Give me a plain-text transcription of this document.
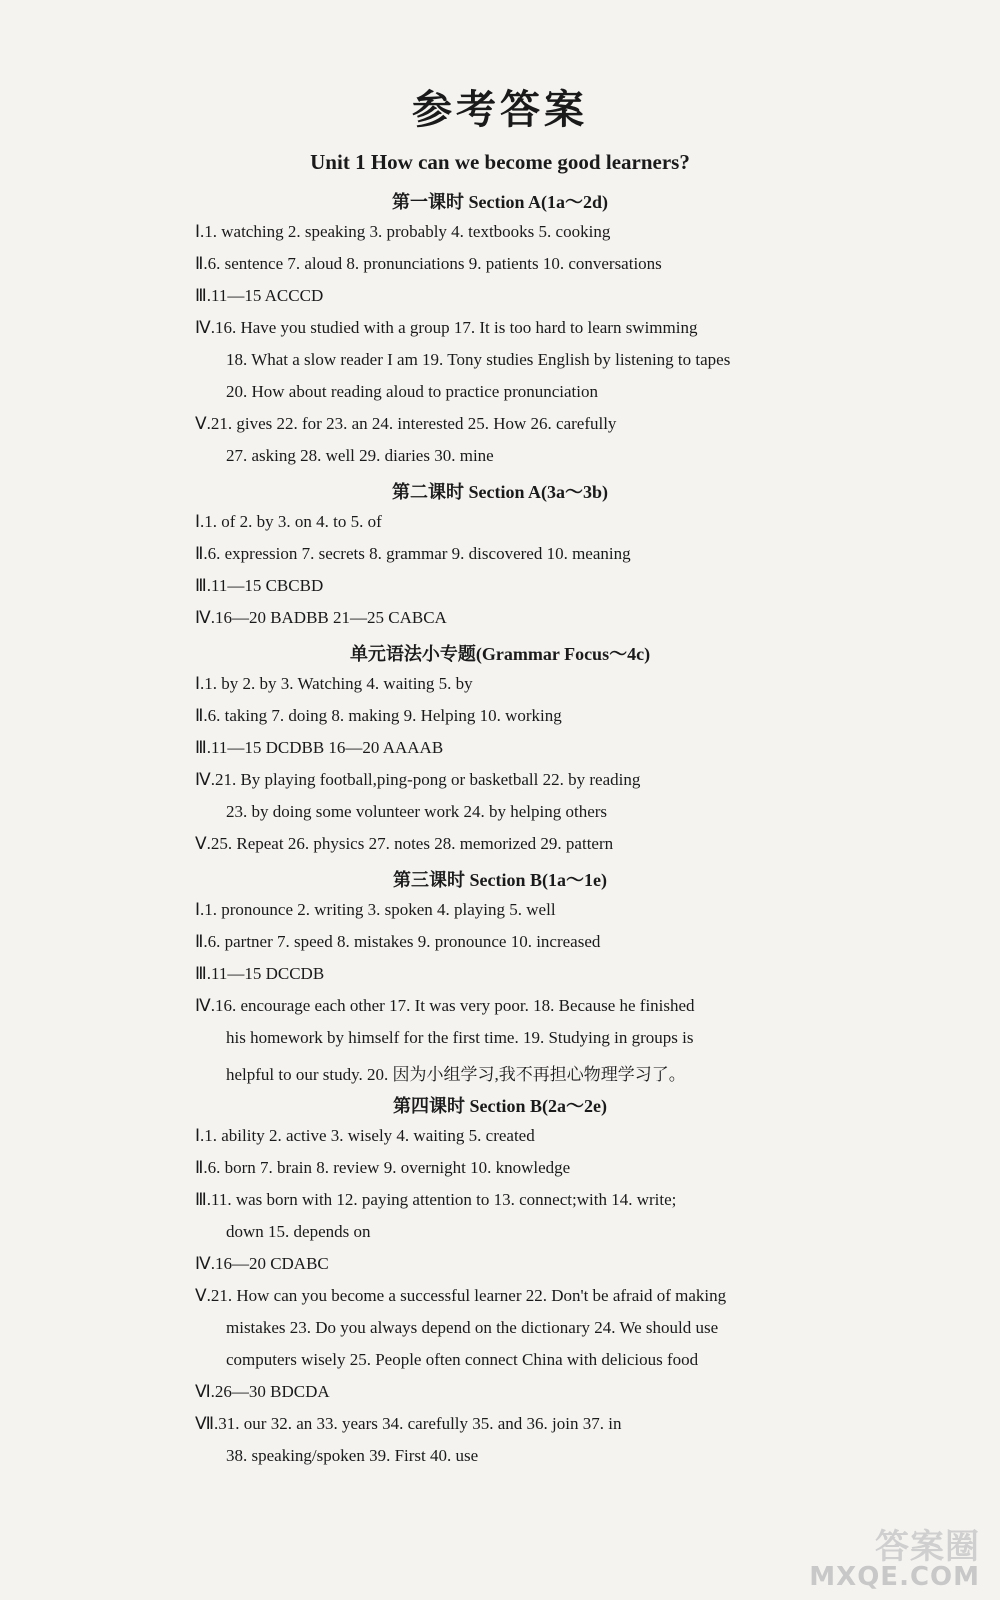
参考答案
Unit 1 How can we become good learners?
第一课时 Section A(1a～2d)
Ⅰ.1. watching 2. speaking 3. probably 4. textbooks 5. cooking
Ⅱ.6. sentence 7. aloud 8. pronunciations 9. patients 10. conversations
Ⅲ.11—15 ACCCD
Ⅳ.16. Have you studied with a group 17. It is too hard to learn swimming
18. What a slow reader I am 19. Tony studies English by listening to tapes
20. How about reading aloud to practice pronunciation
Ⅴ.21. gives 22. for 23. an 24. interested 25. How 26. carefully
27. asking 28. well 29. diaries 30. mine
第二课时 Section A(3a～3b)
Ⅰ.1. of 2. by 3. on 4. to 5. of
Ⅱ.6. expression 7. secrets 8. grammar 9. discovered 10. meaning
Ⅲ.11—15 CBCBD
Ⅳ.16—20 BADBB 21—25 CABCA
单元语法小专题(Grammar Focus～4c)
Ⅰ.1. by 2. by 3. Watching 4. waiting 5. by
Ⅱ.6. taking 7. doing 8. making 9. Helping 10. working
Ⅲ.11—15 DCDBB 16—20 AAAAB
Ⅳ.21. By playing football,ping-pong or basketball 22. by reading
23. by doing some volunteer work 24. by helping others
Ⅴ.25. Repeat 26. physics 27. notes 28. memorized 29. pattern
第三课时 Section B(1a～1e)
Ⅰ.1. pronounce 2. writing 3. spoken 4. playing 5. well
Ⅱ.6. partner 7. speed 8. mistakes 9. pronounce 10. increased
Ⅲ.11—15 DCCDB
Ⅳ.16. encourage each other 17. It was very poor. 18. Because he finished
his homework by himself for the first time. 19. Studying in groups is
helpful to our study. 20. 因为小组学习,我不再担心物理学习了。
第四课时 Section B(2a～2e)
Ⅰ.1. ability 2. active 3. wisely 4. waiting 5. created
Ⅱ.6. born 7. brain 8. review 9. overnight 10. knowledge
Ⅲ.11. was born with 12. paying attention to 13. connect;with 14. write;
down 15. depends on
Ⅳ.16—20 CDABC
Ⅴ.21. How can you become a successful learner 22. Don't be afraid of making
mistakes 23. Do you always depend on the dictionary 24. We should use
computers wisely 25. People often connect China with delicious food
Ⅵ.26—30 BDCDA
Ⅶ.31. our 32. an 33. years 34. carefully 35. and 36. join 37. in
38. speaking/spoken 39. First 40. use
答案圈
MXQE.COM
